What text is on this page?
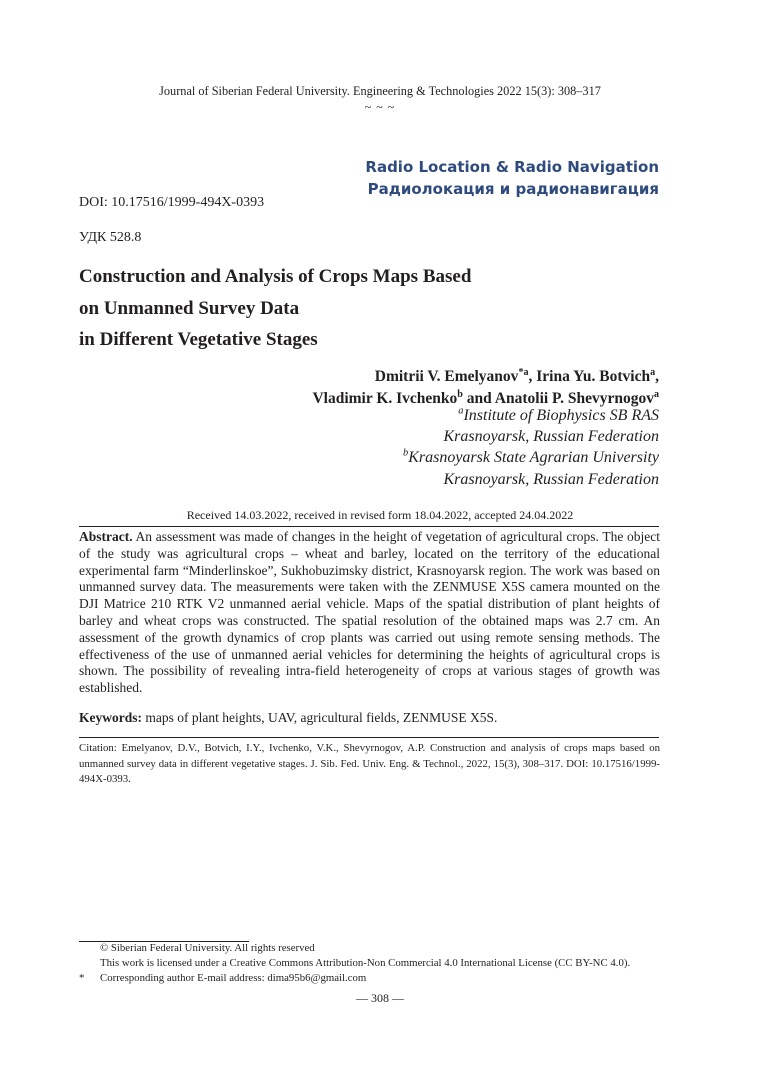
Journal of Siberian Federal University. Engineering & Technologies 2022 15(3): 308–317
~ ~ ~
Radio Location & Radio Navigation
Радиолокация и радионавигация
DOI: 10.17516/1999-494X-0393
УДК 528.8
Construction and Analysis of Crops Maps Based
on Unmanned Survey Data
in Different Vegetative Stages
Dmitrii V. Emelyanov$^{*a}$, Irina Yu. Botvich$^a$,
Vladimir K. Ivchenko$^b$ and Anatolii P. Shevyrnogov$^a$
$^a$Institute of Biophysics SB RAS
Krasnoyarsk, Russian Federation
$^b$Krasnoyarsk State Agrarian University
Krasnoyarsk, Russian Federation
Received 14.03.2022, received in revised form 18.04.2022, accepted 24.04.2022
Abstract. An assessment was made of changes in the height of vegetation of agricultural crops. The object of the study was agricultural crops – wheat and barley, located on the territory of the educational experimental farm “Minderlinskoe”, Sukhobuzimsky district, Krasnoyarsk region. The work was based on unmanned survey data. The measurements were taken with the ZENMUSE X5S camera mounted on the DJI Matrice 210 RTK V2 unmanned aerial vehicle. Maps of the spatial distribution of plant heights of barley and wheat crops was constructed. The spatial resolution of the obtained maps was 2.7 cm. An assessment of the growth dynamics of crop plants was carried out using remote sensing methods. The effectiveness of the use of unmanned aerial vehicles for determining the heights of agricultural crops is shown. The possibility of revealing intra-field heterogeneity of crops at various stages of growth was established.
Keywords: maps of plant heights, UAV, agricultural fields, ZENMUSE X5S.
Citation: Emelyanov, D.V., Botvich, I.Y., Ivchenko, V.K., Shevyrnogov, A.P. Construction and analysis of crops maps based on unmanned survey data in different vegetative stages. J. Sib. Fed. Univ. Eng. & Technol., 2022, 15(3), 308–317. DOI: 10.17516/1999-494X-0393.
© Siberian Federal University. All rights reserved
This work is licensed under a Creative Commons Attribution-Non Commercial 4.0 International License (CC BY-NC 4.0).
*	Corresponding author E-mail address: dima95b6@gmail.com
— 308 —
